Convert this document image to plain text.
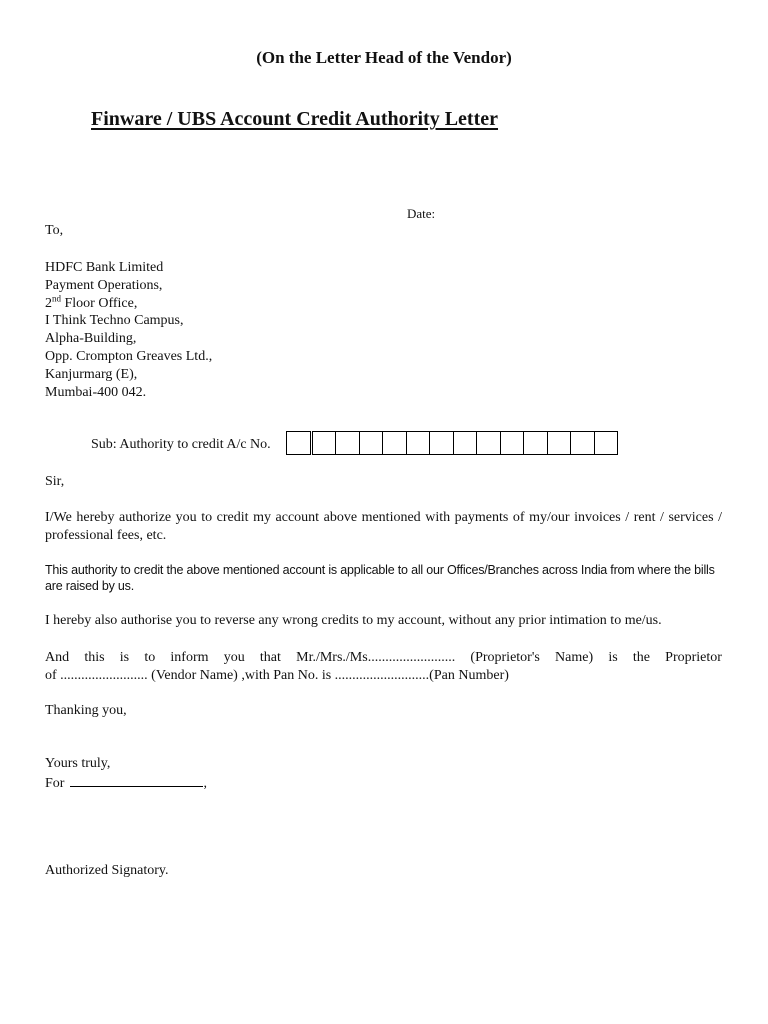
(On the Letter Head of the Vendor)
Finware / UBS Account Credit Authority Letter
Date:
To,
HDFC Bank Limited
Payment Operations,
2nd Floor Office,
I Think Techno Campus,
Alpha-Building,
Opp. Crompton Greaves Ltd.,
Kanjurmarg (E),
Mumbai-400 042.
Sub: Authority to credit A/c No.
Sir,
I/We hereby authorize you to credit my account above mentioned with payments of my/our invoices / rent / services / professional fees, etc.
This authority to credit the above mentioned account is applicable to all our Offices/Branches across India from where the bills are raised by us.
I hereby also authorise you to reverse any wrong credits to my account, without any prior intimation to me/us.
And this is to inform you that Mr./Mrs./Ms......................... (Proprietor's Name) is the Proprietor
of ......................... (Vendor Name) ,with Pan No. is ...........................(Pan Number)
Thanking you,
Yours truly,
For	,
Authorized Signatory.
